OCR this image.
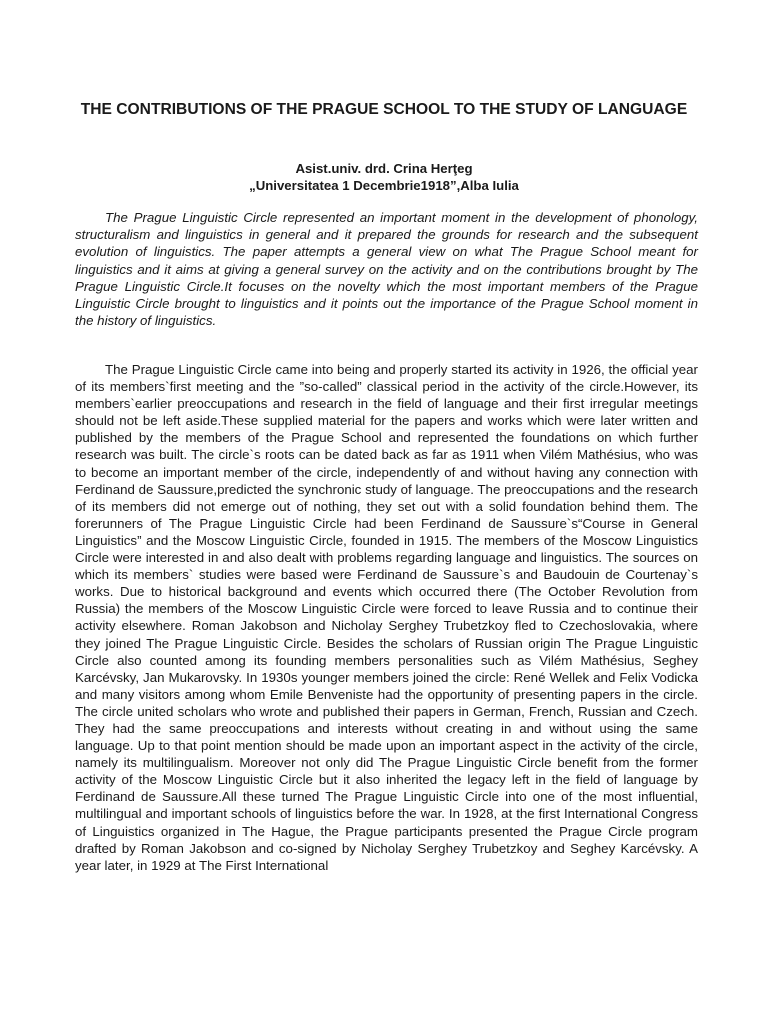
THE CONTRIBUTIONS OF THE PRAGUE SCHOOL TO THE STUDY OF LANGUAGE

Asist.univ. drd. Crina Herţeg

„Universitatea 1 Decembrie1918”,Alba Iulia

The Prague Linguistic Circle represented an important moment in the development of phonology, structuralism and linguistics in general and it prepared the grounds for research and the subsequent evolution of linguistics. The paper attempts a general view on what The Prague School meant for linguistics and it aims at giving a general survey on the activity and on the contributions brought by The Prague Linguistic Circle.It focuses on the novelty which the most important members of the Prague Linguistic Circle brought to linguistics and it points out the importance of the Prague School moment in the history of linguistics.

The Prague Linguistic Circle came into being and properly started its activity in 1926, the official year of its members`first meeting and the ”so-called” classical period in the activity of the circle.However, its members`earlier preoccupations and research in the field of language and their first irregular meetings should not be left aside.These supplied material for the papers and works which were later written and published by the members of the Prague School and represented the foundations on which further research was built. The circle`s roots can be dated back as far as 1911 when Vilém Mathésius, who was to become an important member of the circle, independently of and without having any connection with Ferdinand de Saussure,predicted the synchronic study of language. The preoccupations and the research of its members did not emerge out of nothing, they set out with a solid foundation behind them. The forerunners of The Prague Linguistic Circle had been Ferdinand de Saussure`s“Course in General Linguistics” and the Moscow Linguistic Circle, founded in 1915. The members of the Moscow Linguistics Circle were interested in and also dealt with problems regarding language and linguistics. The sources on which its members` studies were based were Ferdinand de Saussure`s and Baudouin de Courtenay`s works. Due to historical background and events which occurred there (The October Revolution from Russia) the members of the Moscow Linguistic Circle were forced to leave Russia and to continue their activity elsewhere. Roman Jakobson and Nicholay Serghey Trubetzkoy fled to Czechoslovakia, where they joined The Prague Linguistic Circle. Besides the scholars of Russian origin The Prague Linguistic Circle also counted among its founding members personalities such as Vilém Mathésius, Seghey Karcévsky, Jan Mukarovsky. In 1930s younger members joined the circle: René Wellek and Felix Vodicka and many visitors among whom Emile Benveniste had the opportunity of presenting papers in the circle. The circle united scholars who wrote and published their papers in German, French, Russian and Czech. They had the same preoccupations and interests without creating in and without using the same language. Up to that point mention should be made upon an important aspect in the activity of the circle, namely its multilingualism. Moreover not only did The Prague Linguistic Circle benefit from the former activity of the Moscow Linguistic Circle but it also inherited the legacy left in the field of language by Ferdinand de Saussure.All these turned The Prague Linguistic Circle into one of the most influential, multilingual and important schools of linguistics before the war. In 1928, at the first International Congress of Linguistics organized in The Hague, the Prague participants presented the Prague Circle program drafted by Roman Jakobson and co-signed by Nicholay Serghey Trubetzkoy and Seghey Karcévsky. A year later, in 1929 at The First International
